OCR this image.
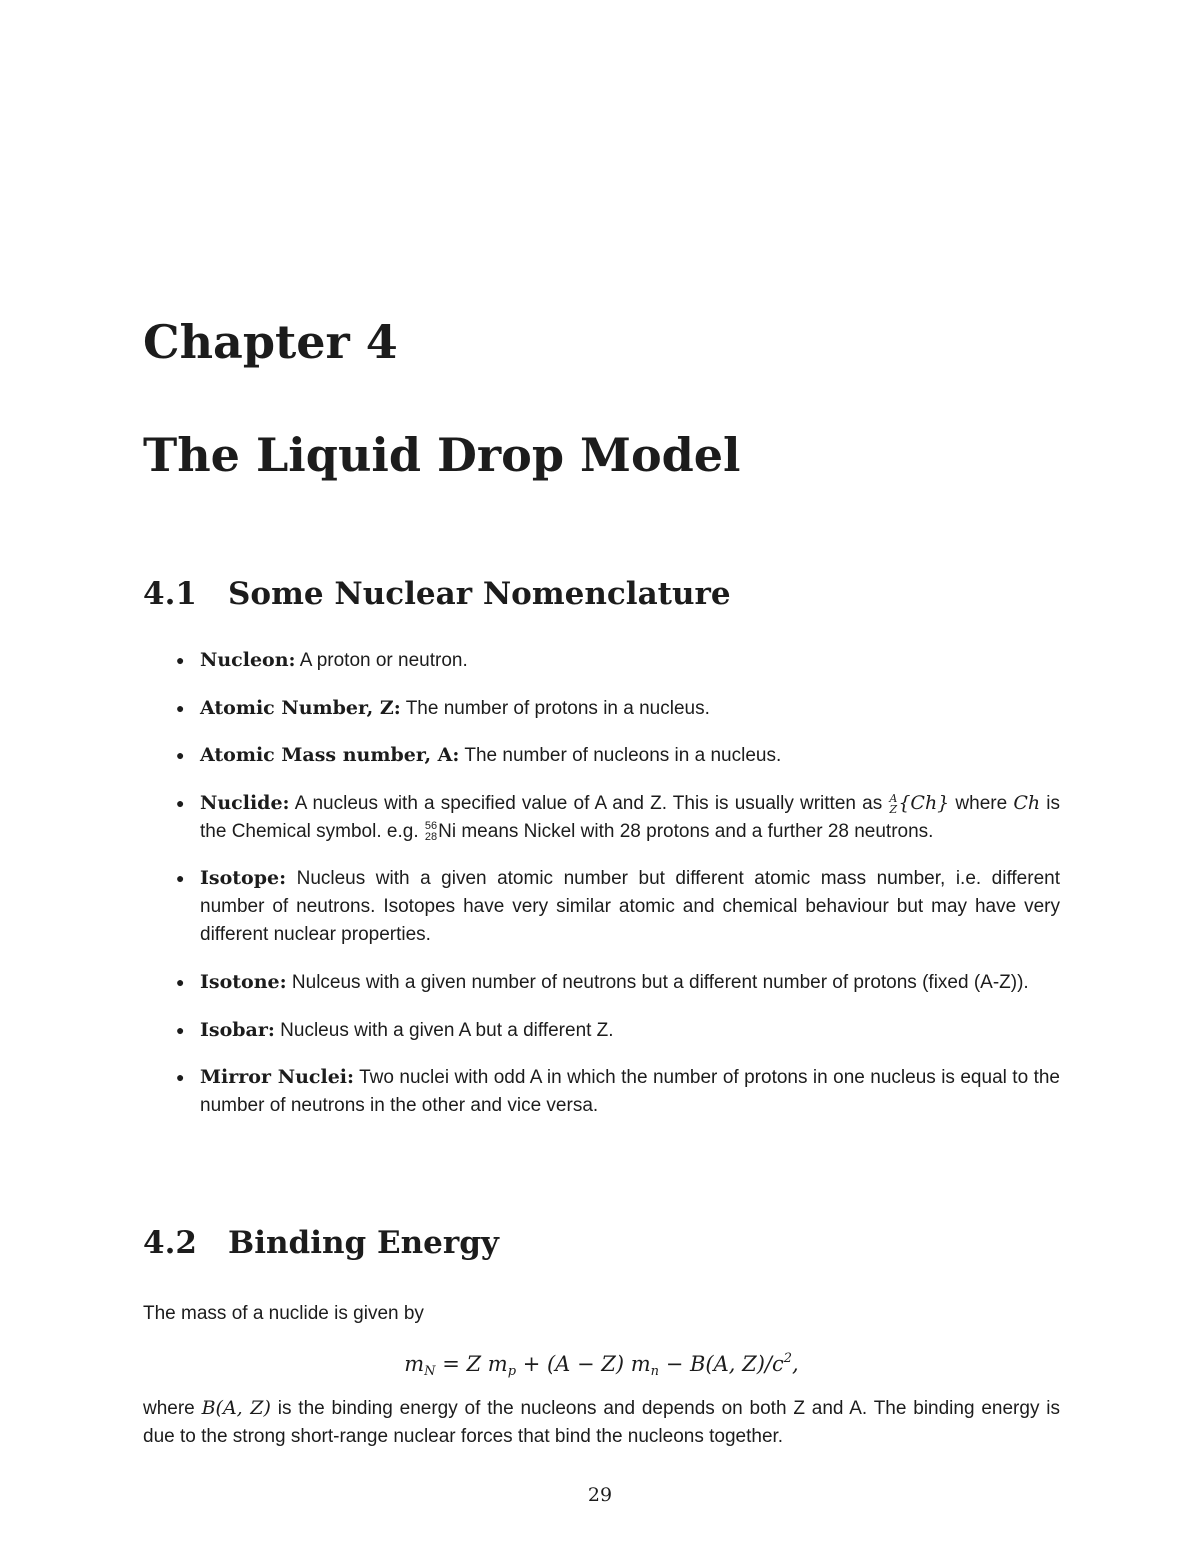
Chapter 4
The Liquid Drop Model
4.1 Some Nuclear Nomenclature
● Nucleon: A proton or neutron.
● Atomic Number, Z: The number of protons in a nucleus.
● Atomic Mass number, A: The number of nucleons in a nucleus.
● Nuclide: A nucleus with a specified value of A and Z. This is usually written as A
Z {Ch} where Ch is the Chemical symbol. e.g. 56
28 Ni means Nickel with 28 protons and a further 28 neutrons.
● Isotope: Nucleus with a given atomic number but different atomic mass number, i.e. different number of neutrons. Isotopes have very similar atomic and chemical behaviour but may have very different nuclear properties.
● Isotone: Nulceus with a given number of neutrons but a different number of protons (fixed (A-Z)).
● Isobar: Nucleus with a given A but a different Z.
● Mirror Nuclei: Two nuclei with odd A in which the number of protons in one nucleus is equal to the number of neutrons in the other and vice versa.
4.2 Binding Energy
The mass of a nuclide is given by
mN = Z mp + (A − Z) mn − B(A, $Z)/c^2$,
where B(A, Z) is the binding energy of the nucleons and depends on both Z and A. The binding energy is due to the strong short-range nuclear forces that bind the nucleons together.
29
